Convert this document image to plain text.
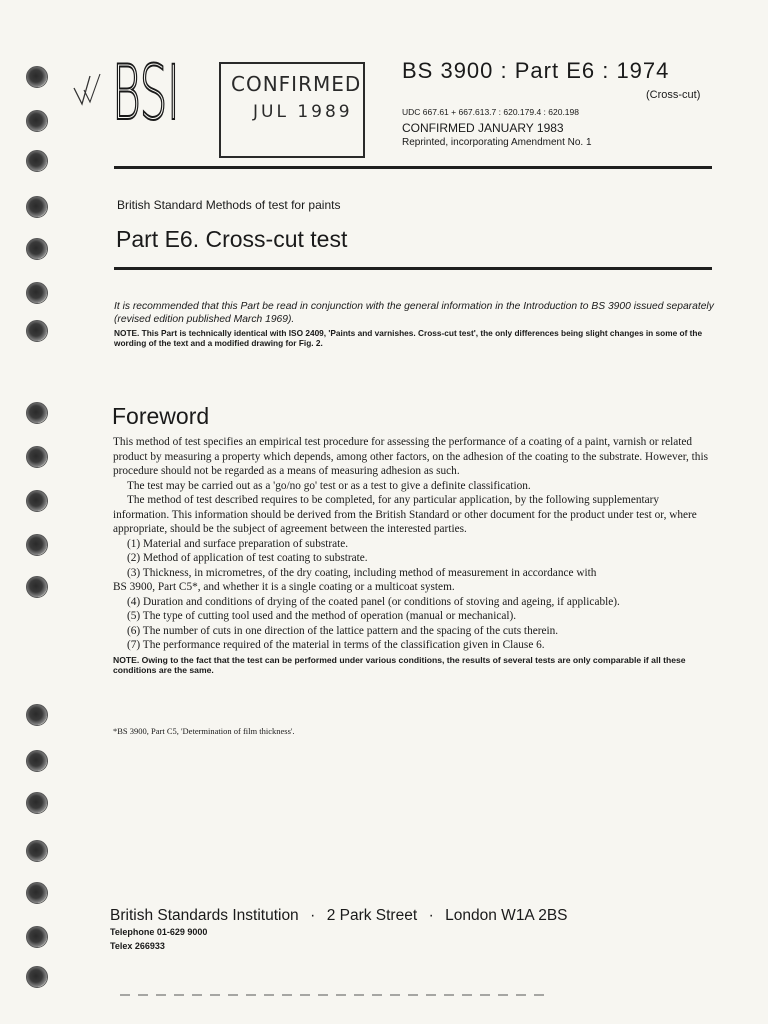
BSI	CONFIRMED
JUL 1989
BS 3900 : Part E6 : 1974
(Cross-cut)
UDC 667.61 + 667.613.7 : 620.179.4 : 620.198
CONFIRMED JANUARY 1983
Reprinted, incorporating Amendment No. 1
British Standard Methods of test for paints
Part E6. Cross-cut test
It is recommended that this Part be read in conjunction with the general information in the Introduction to BS 3900 issued separately (revised edition published March 1969).
NOTE. This Part is technically identical with ISO 2409, 'Paints and varnishes. Cross-cut test', the only differences being slight changes in some of the wording of the text and a modified drawing for Fig. 2.
Foreword

This method of test specifies an empirical test procedure for assessing the performance of a coating of a paint, varnish or related product by measuring a property which depends, among other factors, on the adhesion of the coating to the substrate. However, this procedure should not be regarded as a means of measuring adhesion as such.

The test may be carried out as a 'go/no go' test or as a test to give a definite classification.

The method of test described requires to be completed, for any particular application, by the following supplementary information. This information should be derived from the British Standard or other document for the product under test or, where appropriate, should be the subject of agreement between the interested parties.

(1) Material and surface preparation of substrate.

(2) Method of application of test coating to substrate.

(3) Thickness, in micrometres, of the dry coating, including method of measurement in accordance with

BS 3900, Part C5*, and whether it is a single coating or a multicoat system.

(4) Duration and conditions of drying of the coated panel (or conditions of stoving and ageing, if applicable).

(5) The type of cutting tool used and the method of operation (manual or mechanical).

(6) The number of cuts in one direction of the lattice pattern and the spacing of the cuts therein.

(7) The performance required of the material in terms of the classification given in Clause 6.

NOTE. Owing to the fact that the test can be performed under various conditions, the results of several tests are only comparable if all these conditions are the same.

*BS 3900, Part C5, 'Determination of film thickness'.
British Standards Institution · 2 Park Street · London W1A 2BS
Telephone 01-629 9000
Telex 266933
